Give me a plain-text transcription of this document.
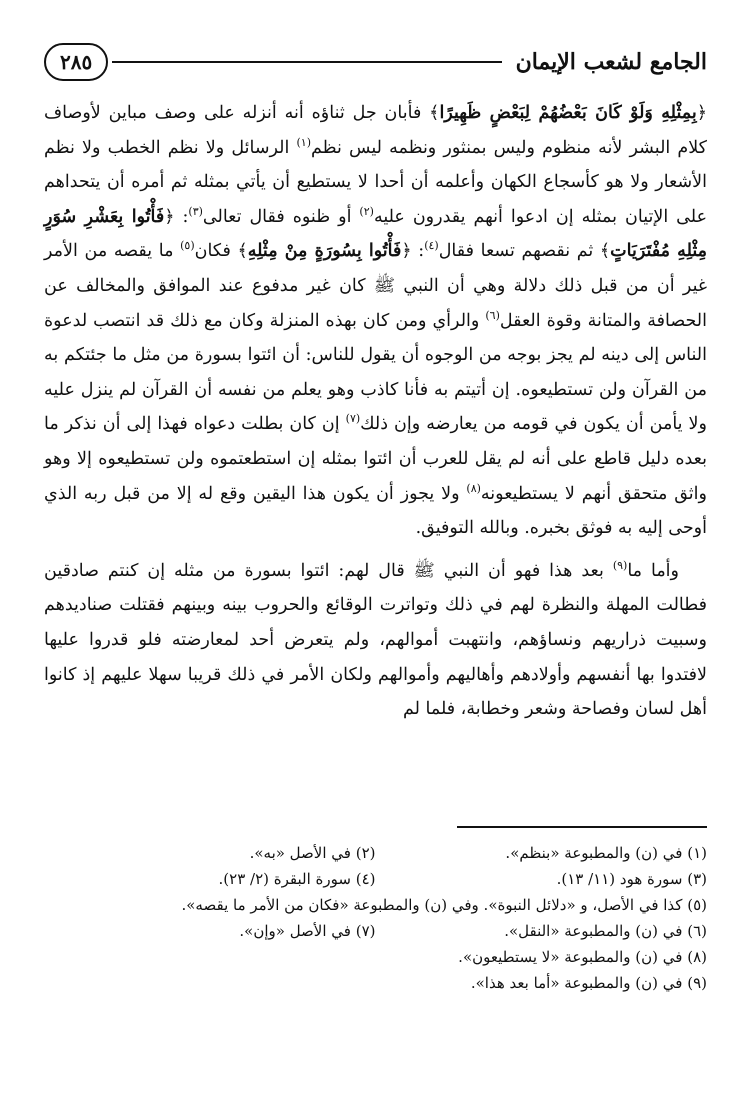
الجامع لشعب الإيمان
٢٨٥

﴿بِمِثْلِهِ وَلَوْ كَانَ بَعْضُهُمْ لِبَعْضٍ ظَهِيرًا﴾ فأبان جل ثناؤه أنه أنزله على وصف مباين لأوصاف كلام البشر لأنه منظوم وليس بمنثور ونظمه ليس نظم$^{(١)}$ الرسائل ولا نظم الخطب ولا نظم الأشعار ولا هو كأسجاع الكهان وأعلمه أن أحدا لا يستطيع أن يأتي بمثله ثم أمره أن يتحداهم على الإتيان بمثله إن ادعوا أنهم يقدرون عليه$^{(٢)}$ أو ظنوه فقال تعالى$^{(٣)}$: ﴿فَأْتُوا بِعَشْرِ سُوَرٍ مِثْلِهِ مُفْتَرَيَاتٍ﴾ ثم نقصهم تسعا فقال$^{(٤)}$: ﴿فَأْتُوا بِسُورَةٍ مِنْ مِثْلِهِ﴾ فكان$^{(٥)}$ ما يقصه من الأمر غير أن من قبل ذلك دلالة وهي أن النبي ﷺ كان غير مدفوع عند الموافق والمخالف عن الحصافة والمتانة وقوة العقل$^{(٦)}$ والرأي ومن كان بهذه المنزلة وكان مع ذلك قد انتصب لدعوة الناس إلى دينه لم يجز بوجه من الوجوه أن يقول للناس: أن ائتوا بسورة من مثل ما جئتكم به من القرآن ولن تستطيعوه. إن أتيتم به فأنا كاذب وهو يعلم من نفسه أن القرآن لم ينزل عليه ولا يأمن أن يكون في قومه من يعارضه وإن ذلك$^{(٧)}$ إن كان بطلت دعواه فهذا إلى أن نذكر ما بعده دليل قاطع على أنه لم يقل للعرب أن ائتوا بمثله إن استطعتموه ولن تستطيعوه إلا وهو واثق متحقق أنهم لا يستطيعونه$^{(٨)}$ ولا يجوز أن يكون هذا اليقين وقع له إلا من قبل ربه الذي أوحى إليه به فوثق بخبره. وبالله التوفيق.

وأما ما$^{(٩)}$ بعد هذا فهو أن النبي ﷺ قال لهم: ائتوا بسورة من مثله إن كنتم صادقين فطالت المهلة والنظرة لهم في ذلك وتواترت الوقائع والحروب بينه وبينهم فقتلت صناديدهم وسبيت ذراريهم ونساؤهم، وانتهبت أموالهم، ولم يتعرض أحد لمعارضته فلو قدروا عليها لافتدوا بها أنفسهم وأولادهم وأهاليهم وأموالهم ولكان الأمر في ذلك قريبا سهلا عليهم إذ كانوا أهل لسان وفصاحة وشعر وخطابة، فلما لم

(١) في (ن) والمطبوعة «بنظم».
(٢) في الأصل «به».
(٣) سورة هود (١١/ ١٣).
(٤) سورة البقرة (٢/ ٢٣).
(٥) كذا في الأصل، و «دلائل النبوة». وفي (ن) والمطبوعة «فكان من الأمر ما يقصه».
(٦) في (ن) والمطبوعة «النقل».
(٧) في الأصل «وإن».
(٨) في (ن) والمطبوعة «لا يستطيعون».
(٩) في (ن) والمطبوعة «أما بعد هذا».
